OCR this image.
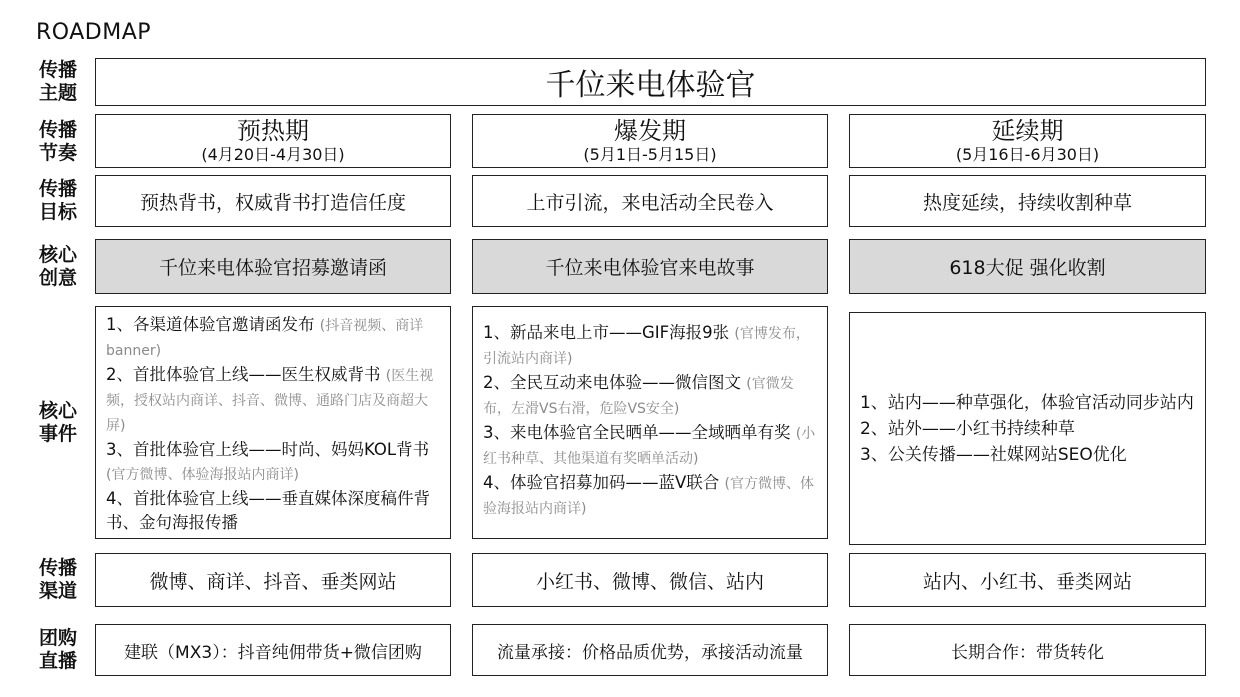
ROADMAP
传播
主题
传播
节奏
传播
目标
核心
创意
核心
事件
传播
渠道
团购
直播
千位来电体验官
预热期
(4月20日-4月30日)
预热背书，权威背书打造信任度
千位来电体验官招募邀请函
1、各渠道体验官邀请函发布 (抖音视频、商详banner)
2、首批体验官上线——医生权威背书 (医生视频，授权站内商详、抖音、微博、通路门店及商超大屏)
3、首批体验官上线——时尚、妈妈KOL背书 (官方微博、体验海报站内商详)
4、首批体验官上线——垂直媒体深度稿件背书、金句海报传播
微博、商详、抖音、垂类网站
建联（MX3）：抖音纯佣带货+微信团购
爆发期
(5月1日-5月15日)
上市引流，来电活动全民卷入
千位来电体验官来电故事
1、新品来电上市——GIF海报9张 (官博发布，引流站内商详)
2、全民互动来电体验——微信图文 (官微发布，左滑VS右滑，危险VS安全)
3、来电体验官全民晒单——全域晒单有奖 (小红书种草、其他渠道有奖晒单活动)
4、体验官招募加码——蓝V联合 (官方微博、体验海报站内商详)
小红书、微博、微信、站内
流量承接：价格品质优势，承接活动流量
延续期
(5月16日-6月30日)
热度延续，持续收割种草
618大促 强化收割
1、站内——种草强化，体验官活动同步站内
2、站外——小红书持续种草
3、公关传播——社媒网站SEO优化
站内、小红书、垂类网站
长期合作：带货转化
